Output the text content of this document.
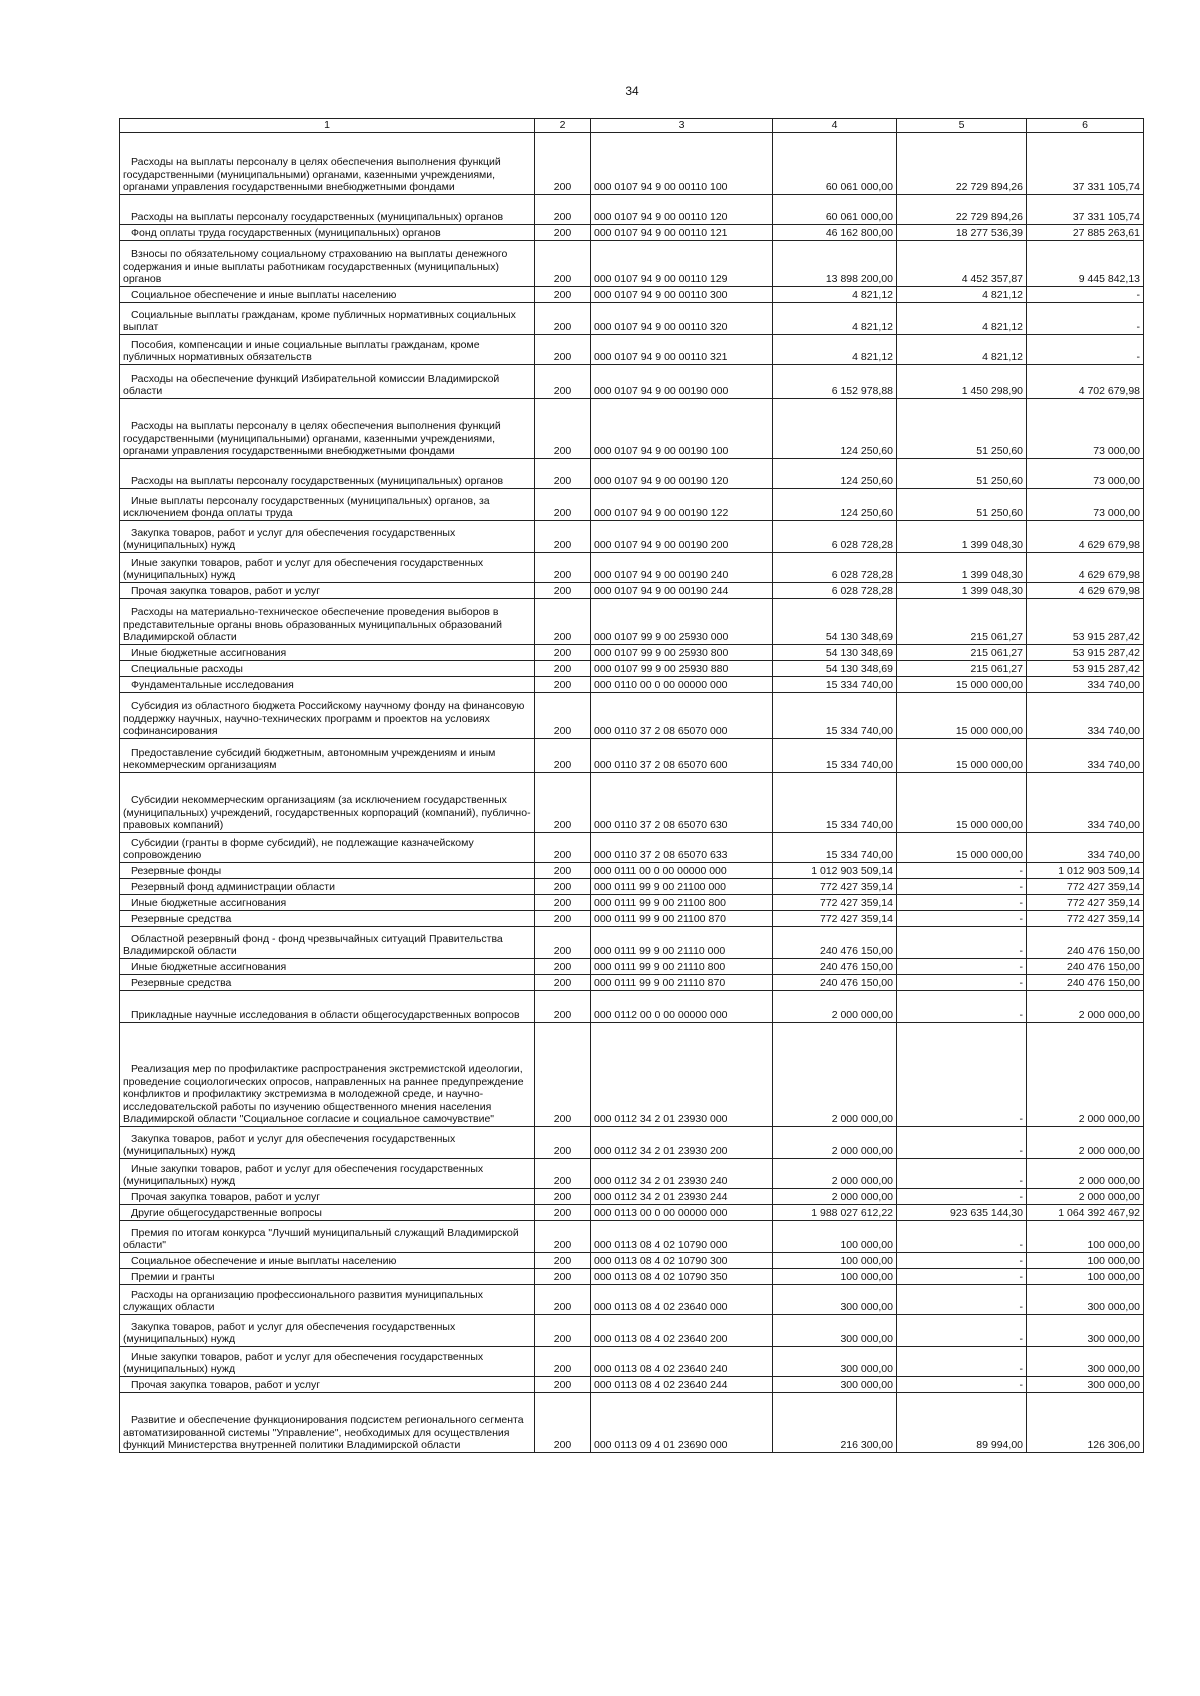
34
1	2	3	4	5	6
Расходы на выплаты персоналу в целях обеспечения выполнения функций государственными (муниципальными) органами, казенными учреждениями, органами управления государственными внебюджетными фондами	200	000 0107 94 9 00 00110 100	60 061 000,00	22 729 894,26	37 331 105,74
Расходы на выплаты персоналу государственных (муниципальных) органов	200	000 0107 94 9 00 00110 120	60 061 000,00	22 729 894,26	37 331 105,74
Фонд оплаты труда государственных (муниципальных) органов	200	000 0107 94 9 00 00110 121	46 162 800,00	18 277 536,39	27 885 263,61
Взносы по обязательному социальному страхованию на выплаты денежного содержания и иные выплаты работникам государственных (муниципальных) органов	200	000 0107 94 9 00 00110 129	13 898 200,00	4 452 357,87	9 445 842,13
Социальное обеспечение и иные выплаты населению	200	000 0107 94 9 00 00110 300	4 821,12	4 821,12	-
Социальные выплаты гражданам, кроме публичных нормативных социальных выплат	200	000 0107 94 9 00 00110 320	4 821,12	4 821,12	-
Пособия, компенсации и иные социальные выплаты гражданам, кроме публичных нормативных обязательств	200	000 0107 94 9 00 00110 321	4 821,12	4 821,12	-
Расходы на обеспечение функций Избирательной комиссии Владимирской области	200	000 0107 94 9 00 00190 000	6 152 978,88	1 450 298,90	4 702 679,98
Расходы на выплаты персоналу в целях обеспечения выполнения функций государственными (муниципальными) органами, казенными учреждениями, органами управления государственными внебюджетными фондами	200	000 0107 94 9 00 00190 100	124 250,60	51 250,60	73 000,00
Расходы на выплаты персоналу государственных (муниципальных) органов	200	000 0107 94 9 00 00190 120	124 250,60	51 250,60	73 000,00
Иные выплаты персоналу государственных (муниципальных) органов, за исключением фонда оплаты труда	200	000 0107 94 9 00 00190 122	124 250,60	51 250,60	73 000,00
Закупка товаров, работ и услуг для обеспечения государственных (муниципальных) нужд	200	000 0107 94 9 00 00190 200	6 028 728,28	1 399 048,30	4 629 679,98
Иные закупки товаров, работ и услуг для обеспечения государственных (муниципальных) нужд	200	000 0107 94 9 00 00190 240	6 028 728,28	1 399 048,30	4 629 679,98
Прочая закупка товаров, работ и услуг	200	000 0107 94 9 00 00190 244	6 028 728,28	1 399 048,30	4 629 679,98
Расходы на материально-техническое обеспечение проведения выборов в представительные органы вновь образованных муниципальных образований Владимирской области	200	000 0107 99 9 00 25930 000	54 130 348,69	215 061,27	53 915 287,42
Иные бюджетные ассигнования	200	000 0107 99 9 00 25930 800	54 130 348,69	215 061,27	53 915 287,42
Специальные расходы	200	000 0107 99 9 00 25930 880	54 130 348,69	215 061,27	53 915 287,42
Фундаментальные исследования	200	000 0110 00 0 00 00000 000	15 334 740,00	15 000 000,00	334 740,00
Субсидия из областного бюджета Российскому научному фонду на финансовую поддержку научных, научно-технических программ и проектов на условиях софинансирования	200	000 0110 37 2 08 65070 000	15 334 740,00	15 000 000,00	334 740,00
Предоставление субсидий бюджетным, автономным учреждениям и иным некоммерческим организациям	200	000 0110 37 2 08 65070 600	15 334 740,00	15 000 000,00	334 740,00
Субсидии некоммерческим организациям (за исключением государственных (муниципальных) учреждений, государственных корпораций (компаний), публично-правовых компаний)	200	000 0110 37 2 08 65070 630	15 334 740,00	15 000 000,00	334 740,00
Субсидии (гранты в форме субсидий), не подлежащие казначейскому сопровождению	200	000 0110 37 2 08 65070 633	15 334 740,00	15 000 000,00	334 740,00
Резервные фонды	200	000 0111 00 0 00 00000 000	1 012 903 509,14	-	1 012 903 509,14
Резервный фонд администрации области	200	000 0111 99 9 00 21100 000	772 427 359,14	-	772 427 359,14
Иные бюджетные ассигнования	200	000 0111 99 9 00 21100 800	772 427 359,14	-	772 427 359,14
Резервные средства	200	000 0111 99 9 00 21100 870	772 427 359,14	-	772 427 359,14
Областной резервный фонд - фонд чрезвычайных ситуаций Правительства Владимирской области	200	000 0111 99 9 00 21110 000	240 476 150,00	-	240 476 150,00
Иные бюджетные ассигнования	200	000 0111 99 9 00 21110 800	240 476 150,00	-	240 476 150,00
Резервные средства	200	000 0111 99 9 00 21110 870	240 476 150,00	-	240 476 150,00
Прикладные научные исследования в области общегосударственных вопросов	200	000 0112 00 0 00 00000 000	2 000 000,00	-	2 000 000,00
Реализация мер по профилактике распространения экстремистской идеологии, проведение социологических опросов, направленных на раннее предупреждение конфликтов и профилактику экстремизма в молодежной среде, и научно-исследовательской работы по изучению общественного мнения населения Владимирской области "Социальное согласие и социальное самочувствие"	200	000 0112 34 2 01 23930 000	2 000 000,00	-	2 000 000,00
Закупка товаров, работ и услуг для обеспечения государственных (муниципальных) нужд	200	000 0112 34 2 01 23930 200	2 000 000,00	-	2 000 000,00
Иные закупки товаров, работ и услуг для обеспечения государственных (муниципальных) нужд	200	000 0112 34 2 01 23930 240	2 000 000,00	-	2 000 000,00
Прочая закупка товаров, работ и услуг	200	000 0112 34 2 01 23930 244	2 000 000,00	-	2 000 000,00
Другие общегосударственные вопросы	200	000 0113 00 0 00 00000 000	1 988 027 612,22	923 635 144,30	1 064 392 467,92
Премия по итогам конкурса "Лучший муниципальный служащий Владимирской области"	200	000 0113 08 4 02 10790 000	100 000,00	-	100 000,00
Социальное обеспечение и иные выплаты населению	200	000 0113 08 4 02 10790 300	100 000,00	-	100 000,00
Премии и гранты	200	000 0113 08 4 02 10790 350	100 000,00	-	100 000,00
Расходы на организацию профессионального развития муниципальных служащих области	200	000 0113 08 4 02 23640 000	300 000,00	-	300 000,00
Закупка товаров, работ и услуг для обеспечения государственных (муниципальных) нужд	200	000 0113 08 4 02 23640 200	300 000,00	-	300 000,00
Иные закупки товаров, работ и услуг для обеспечения государственных (муниципальных) нужд	200	000 0113 08 4 02 23640 240	300 000,00	-	300 000,00
Прочая закупка товаров, работ и услуг	200	000 0113 08 4 02 23640 244	300 000,00	-	300 000,00
Развитие и обеспечение функционирования подсистем регионального сегмента автоматизированной системы "Управление", необходимых для осуществления функций Министерства внутренней политики Владимирской области	200	000 0113 09 4 01 23690 000	216 300,00	89 994,00	126 306,00
